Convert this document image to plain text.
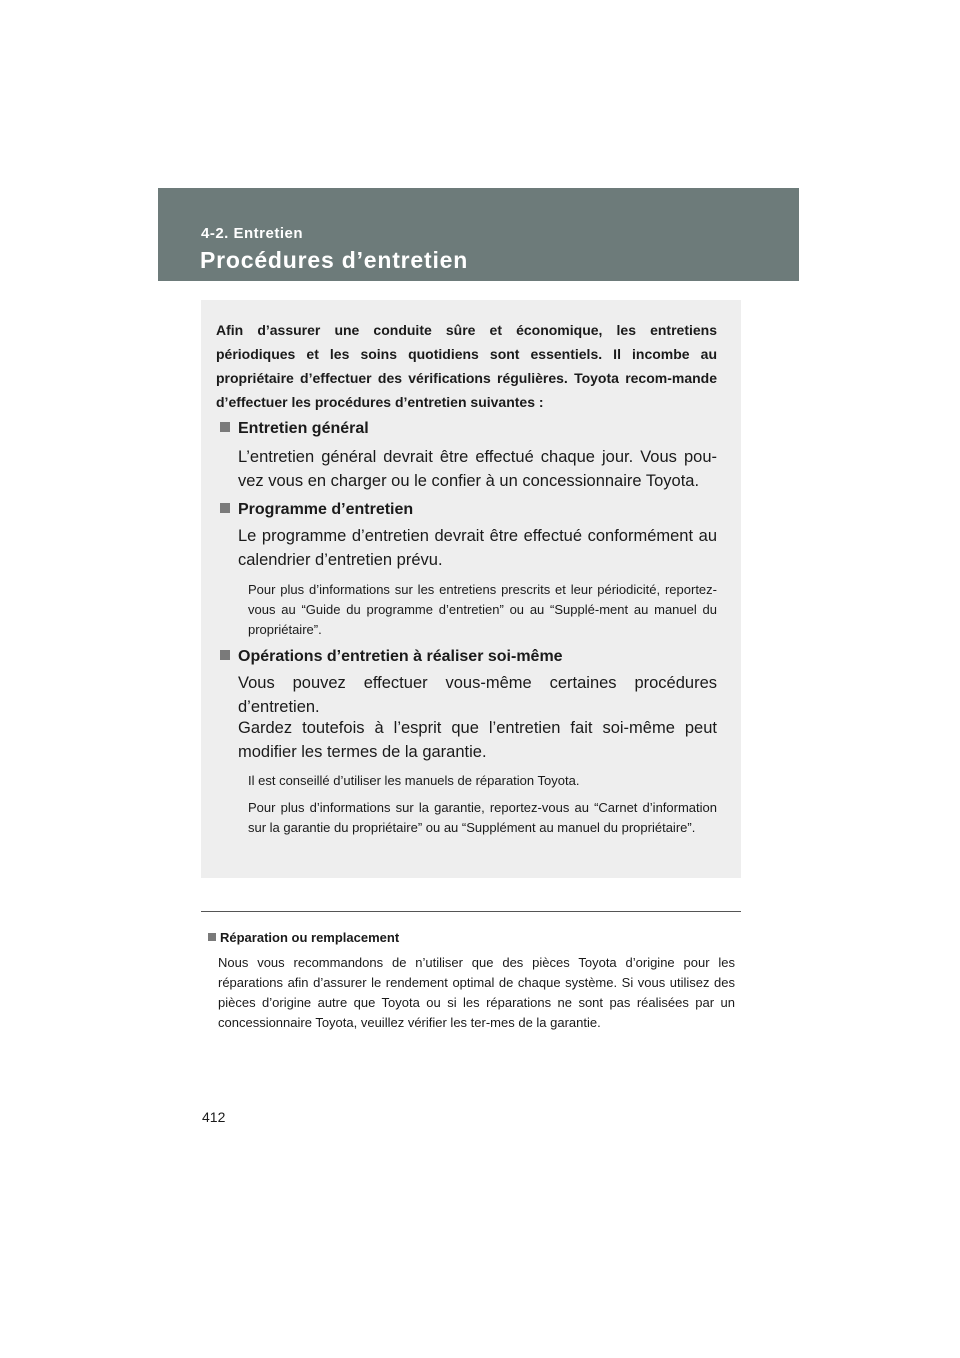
4-2. Entretien
Procédures d’entretien
Afin d’assurer une conduite sûre et économique, les entretiens périodiques et les soins quotidiens sont essentiels. Il incombe au propriétaire d’effectuer des vérifications régulières. Toyota recom-mande d’effectuer les procédures d’entretien suivantes :
Entretien général
L’entretien général devrait être effectué chaque jour. Vous pou-vez vous en charger ou le confier à un concessionnaire Toyota.
Programme d’entretien
Le programme d’entretien devrait être effectué conformément au calendrier d’entretien prévu.
Pour plus d’informations sur les entretiens prescrits et leur périodicité, reportez-vous au “Guide du programme d’entretien” ou au “Supplé-ment au manuel du propriétaire”.
Opérations d’entretien à réaliser soi-même
Vous pouvez effectuer vous-même certaines procédures d’entretien.
Gardez toutefois à l’esprit que l’entretien fait soi-même peut modifier les termes de la garantie.
Il est conseillé d’utiliser les manuels de réparation Toyota.
Pour plus d’informations sur la garantie, reportez-vous au “Carnet d’information sur la garantie du propriétaire” ou au “Supplément au manuel du propriétaire”.
Réparation ou remplacement
Nous vous recommandons de n’utiliser que des pièces Toyota d’origine pour les réparations afin d’assurer le rendement optimal de chaque système. Si vous utilisez des pièces d’origine autre que Toyota ou si les réparations ne sont pas réalisées par un concessionnaire Toyota, veuillez vérifier les ter-mes de la garantie.
412
